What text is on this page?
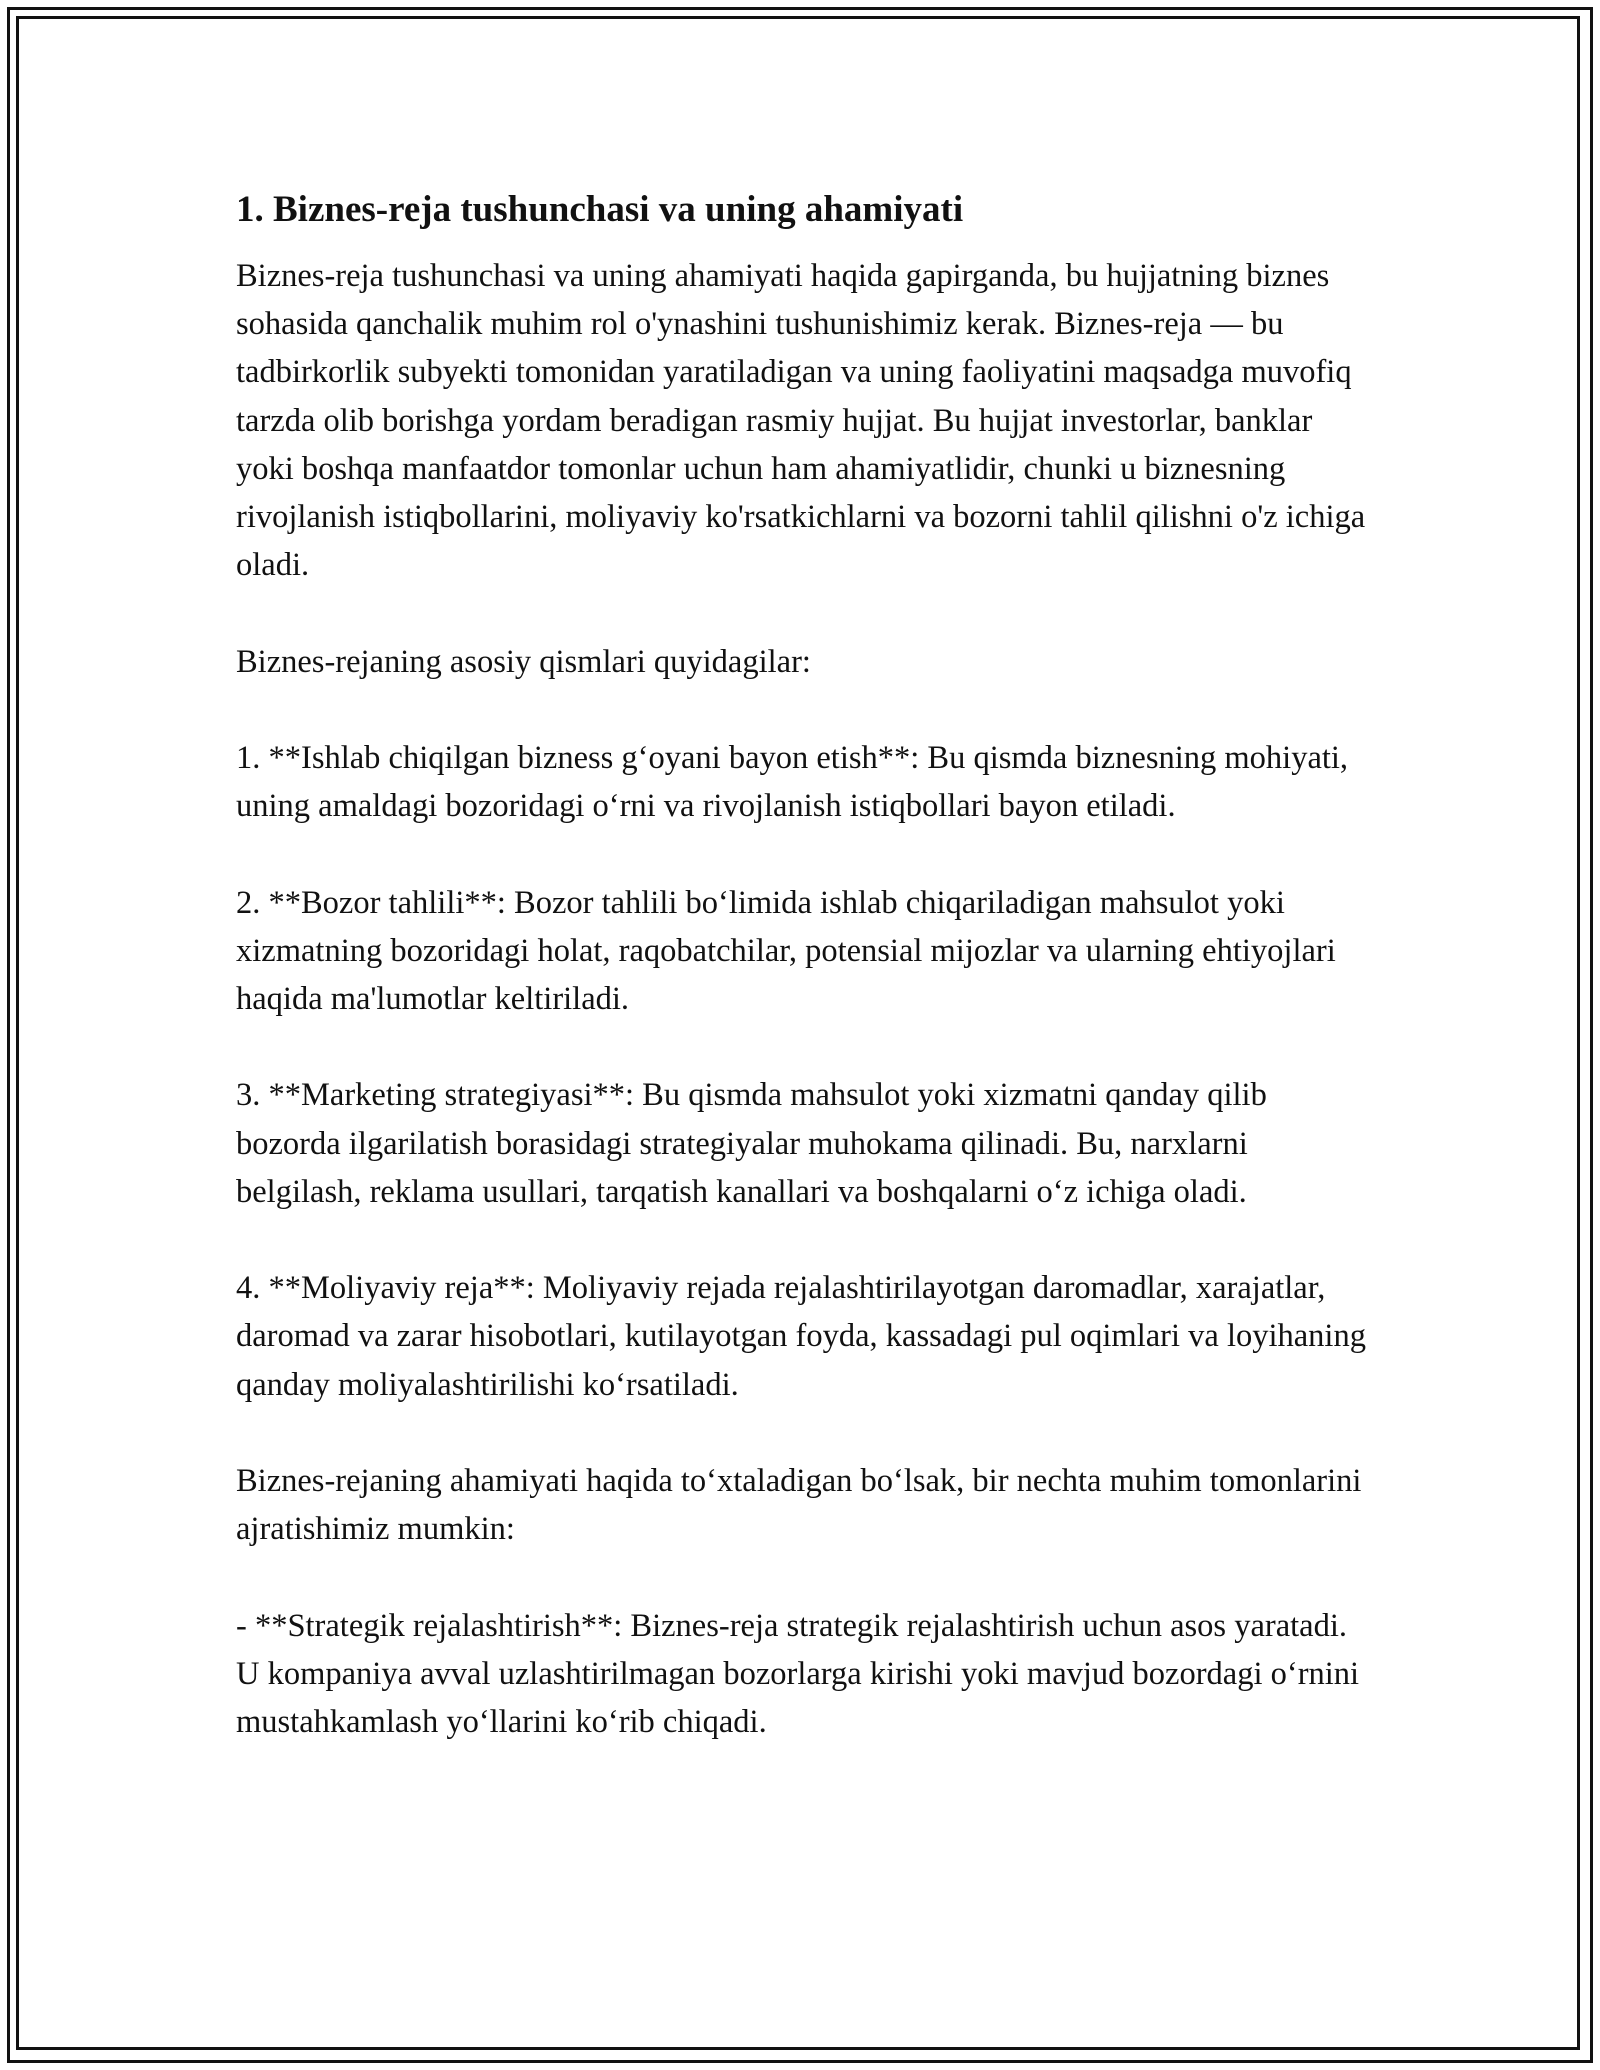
1. Biznes-reja tushunchasi va uning ahamiyati

Biznes-reja tushunchasi va uning ahamiyati haqida gapirganda, bu hujjatning biznes sohasida qanchalik muhim rol o'ynashini tushunishimiz kerak. Biznes-reja — bu tadbirkorlik subyekti tomonidan yaratiladigan va uning faoliyatini maqsadga muvofiq tarzda olib borishga yordam beradigan rasmiy hujjat. Bu hujjat investorlar, banklar yoki boshqa manfaatdor tomonlar uchun ham ahamiyatlidir, chunki u biznesning rivojlanish istiqbollarini, moliyaviy ko'rsatkichlarni va bozorni tahlil qilishni o'z ichiga oladi.

Biznes-rejaning asosiy qismlari quyidagilar:

1. **Ishlab chiqilgan bizness g‘oyani bayon etish**: Bu qismda biznesning mohiyati, uning amaldagi bozoridagi o‘rni va rivojlanish istiqbollari bayon etiladi.

2. **Bozor tahlili**: Bozor tahlili bo‘limida ishlab chiqariladigan mahsulot yoki xizmatning bozoridagi holat, raqobatchilar, potensial mijozlar va ularning ehtiyojlari haqida ma'lumotlar keltiriladi.

3. **Marketing strategiyasi**: Bu qismda mahsulot yoki xizmatni qanday qilib bozorda ilgarilatish borasidagi strategiyalar muhokama qilinadi. Bu, narxlarni belgilash, reklama usullari, tarqatish kanallari va boshqalarni o‘z ichiga oladi.

4. **Moliyaviy reja**: Moliyaviy rejada rejalashtirilayotgan daromadlar, xarajatlar, daromad va zarar hisobotlari, kutilayotgan foyda, kassadagi pul oqimlari va loyihaning qanday moliyalashtirilishi ko‘rsatiladi.

Biznes-rejaning ahamiyati haqida to‘xtaladigan bo‘lsak, bir nechta muhim tomonlarini ajratishimiz mumkin:

- **Strategik rejalashtirish**: Biznes-reja strategik rejalashtirish uchun asos yaratadi. U kompaniya avval uzlashtirilmagan bozorlarga kirishi yoki mavjud bozordagi o‘rnini mustahkamlash yo‘llarini ko‘rib chiqadi.
